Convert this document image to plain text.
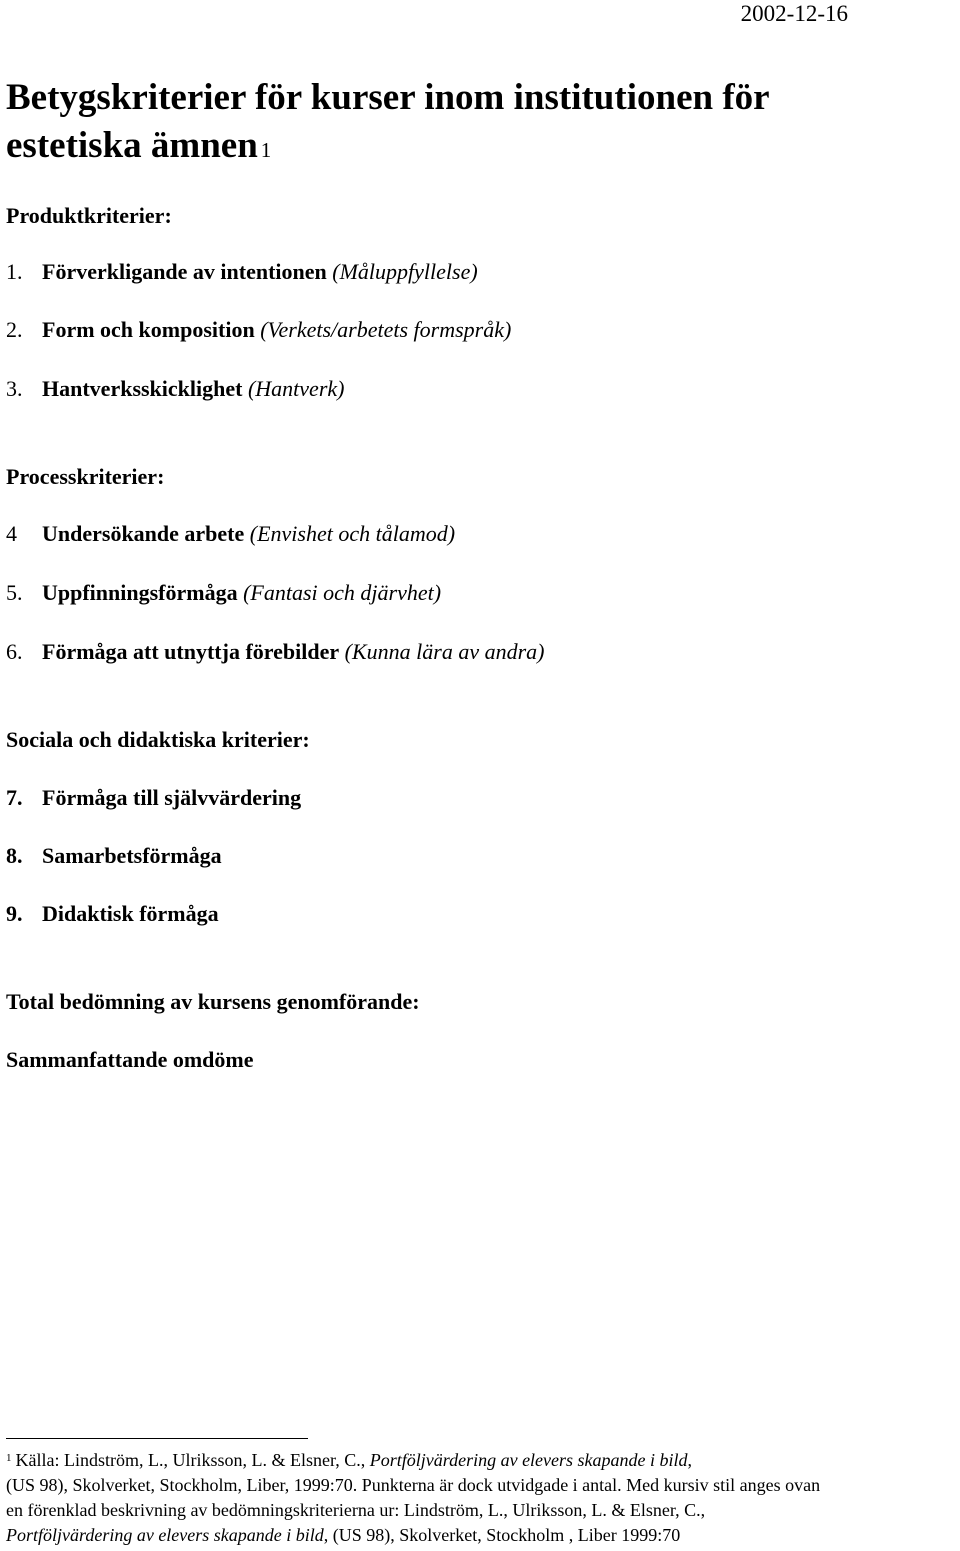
2002-12-16
Betygskriterier för kurser inom institutionen för
estetiska ämnen $^1$
Produktkriterier:
1. Förverkligande av intentionen (Måluppfyllelse)
2. Form och komposition (Verkets/arbetets formspråk)
3. Hantverksskicklighet (Hantverk)
Processkriterier:
4 Undersökande arbete (Envishet och tålamod)
5. Uppfinningsförmåga (Fantasi och djärvhet)
6. Förmåga att utnyttja förebilder (Kunna lära av andra)
Sociala och didaktiska kriterier:
7. Förmåga till självvärdering
8. Samarbetsförmåga
9. Didaktisk förmåga
Total bedömning av kursens genomförande:
Sammanfattande omdöme
$^1$ Källa: Lindström, L., Ulriksson, L. & Elsner, C., Portföljvärdering av elevers skapande i bild,
(US 98), Skolverket, Stockholm, Liber, 1999:70. Punkterna är dock utvidgade i antal. Med kursiv stil anges ovan
en förenklad beskrivning av bedömningskriterierna ur: Lindström, L., Ulriksson, L. & Elsner, C.,
Portföljvärdering av elevers skapande i bild, (US 98), Skolverket, Stockholm , Liber 1999:70
